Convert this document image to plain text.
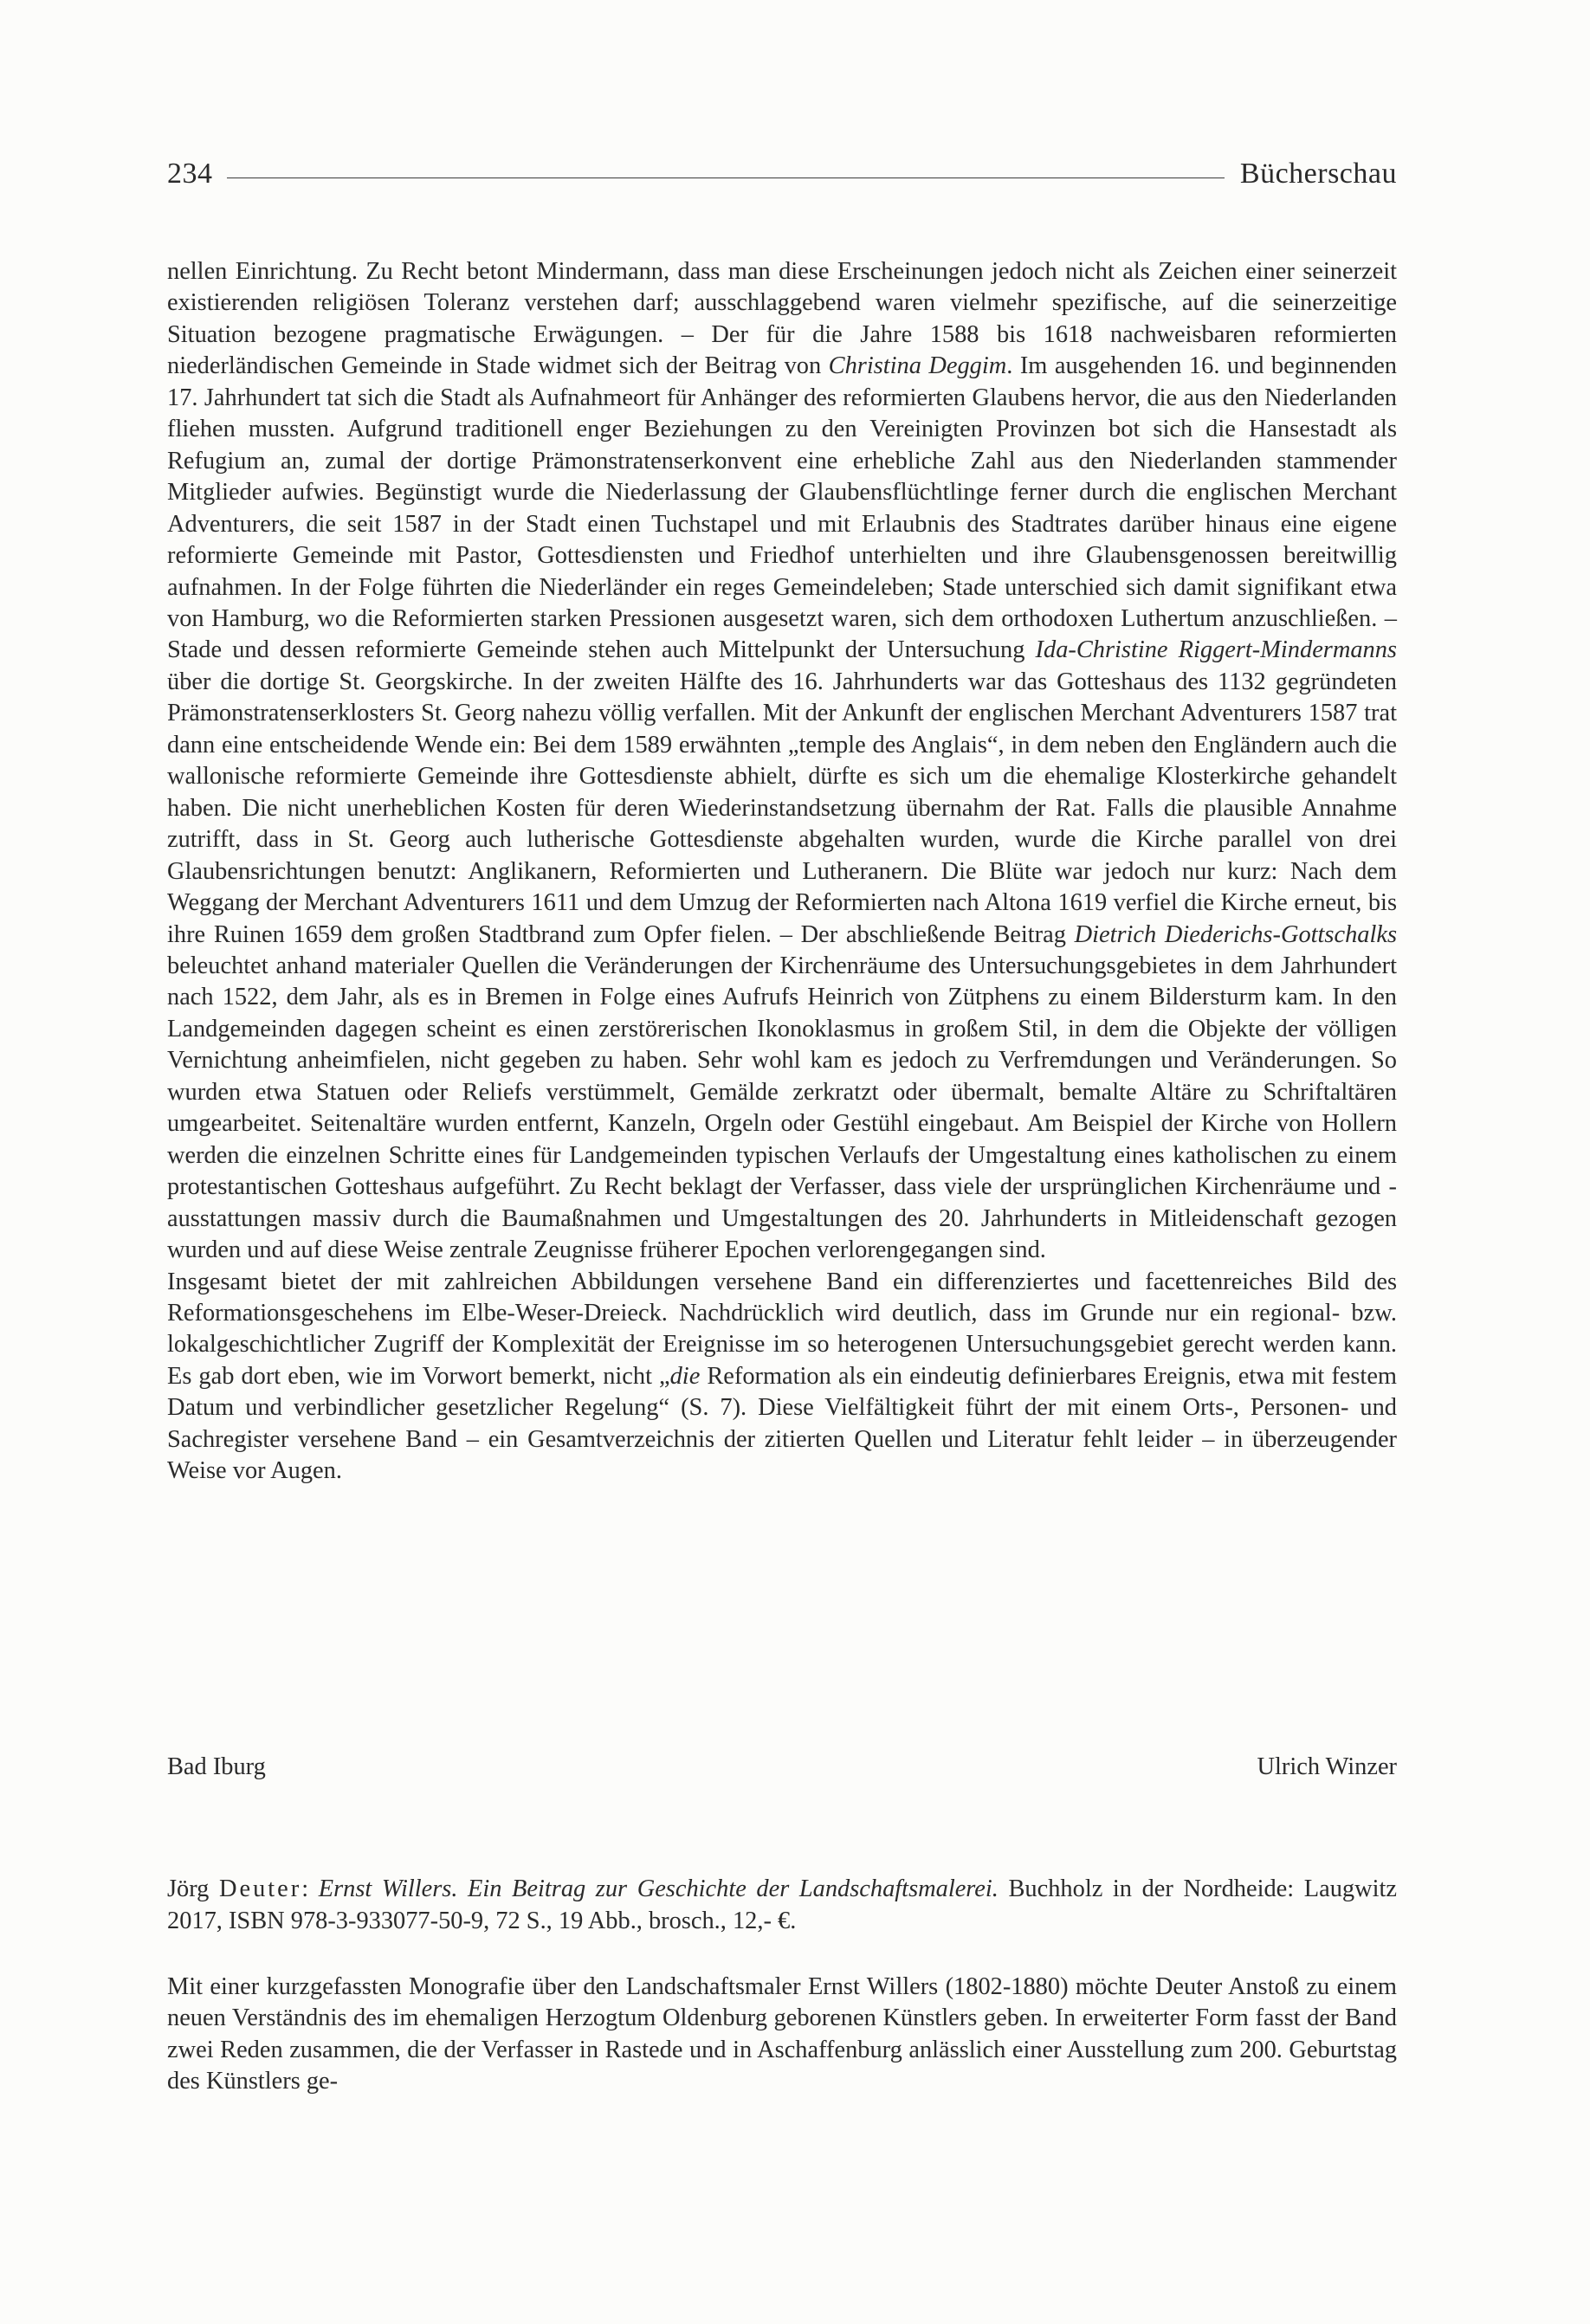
234	Bücherschau

nellen Einrichtung. Zu Recht betont Mindermann, dass man diese Erscheinungen jedoch nicht als Zeichen einer seinerzeit existierenden religiösen Toleranz verstehen darf; ausschlaggebend waren vielmehr spezifische, auf die seinerzeitige Situation bezogene pragmatische Erwägungen. – Der für die Jahre 1588 bis 1618 nachweisbaren reformierten niederländischen Gemeinde in Stade widmet sich der Beitrag von Christina Deggim. Im ausgehenden 16. und beginnenden 17. Jahrhundert tat sich die Stadt als Aufnahmeort für Anhänger des reformierten Glaubens hervor, die aus den Niederlanden fliehen mussten. Aufgrund traditionell enger Beziehungen zu den Vereinigten Provinzen bot sich die Hansestadt als Refugium an, zumal der dortige Prämonstratenserkonvent eine erhebliche Zahl aus den Niederlanden stammender Mitglieder aufwies. Begünstigt wurde die Niederlassung der Glaubensflüchtlinge ferner durch die englischen Merchant Adventurers, die seit 1587 in der Stadt einen Tuchstapel und mit Erlaubnis des Stadtrates darüber hinaus eine eigene reformierte Gemeinde mit Pastor, Gottesdiensten und Friedhof unterhielten und ihre Glaubensgenossen bereitwillig aufnahmen. In der Folge führten die Niederländer ein reges Gemeindeleben; Stade unterschied sich damit signifikant etwa von Hamburg, wo die Reformierten starken Pressionen ausgesetzt waren, sich dem orthodoxen Luthertum anzuschließen. – Stade und dessen reformierte Gemeinde stehen auch Mittelpunkt der Untersuchung Ida-Christine Riggert-Mindermanns über die dortige St. Georgskirche. In der zweiten Hälfte des 16. Jahrhunderts war das Gotteshaus des 1132 gegründeten Prämonstratenserklosters St. Georg nahezu völlig verfallen. Mit der Ankunft der englischen Merchant Adventurers 1587 trat dann eine entscheidende Wende ein: Bei dem 1589 erwähnten „temple des Anglais“, in dem neben den Engländern auch die wallonische reformierte Gemeinde ihre Gottesdienste abhielt, dürfte es sich um die ehemalige Klosterkirche gehandelt haben. Die nicht unerheblichen Kosten für deren Wiederinstandsetzung übernahm der Rat. Falls die plausible Annahme zutrifft, dass in St. Georg auch lutherische Gottesdienste abgehalten wurden, wurde die Kirche parallel von drei Glaubensrichtungen benutzt: Anglikanern, Reformierten und Lutheranern. Die Blüte war jedoch nur kurz: Nach dem Weggang der Merchant Adventurers 1611 und dem Umzug der Reformierten nach Altona 1619 verfiel die Kirche erneut, bis ihre Ruinen 1659 dem großen Stadtbrand zum Opfer fielen. – Der abschließende Beitrag Dietrich Diederichs-Gottschalks beleuchtet anhand materialer Quellen die Veränderungen der Kirchenräume des Untersuchungsgebietes in dem Jahrhundert nach 1522, dem Jahr, als es in Bremen in Folge eines Aufrufs Heinrich von Zütphens zu einem Bildersturm kam. In den Landgemeinden dagegen scheint es einen zerstörerischen Ikonoklasmus in großem Stil, in dem die Objekte der völligen Vernichtung anheimfielen, nicht gegeben zu haben. Sehr wohl kam es jedoch zu Verfremdungen und Veränderungen. So wurden etwa Statuen oder Reliefs verstümmelt, Gemälde zerkratzt oder übermalt, bemalte Altäre zu Schriftaltären umgearbeitet. Seitenaltäre wurden entfernt, Kanzeln, Orgeln oder Gestühl eingebaut. Am Beispiel der Kirche von Hollern werden die einzelnen Schritte eines für Landgemeinden typischen Verlaufs der Umgestaltung eines katholischen zu einem protestantischen Gotteshaus aufgeführt. Zu Recht beklagt der Verfasser, dass viele der ursprünglichen Kirchenräume und -ausstattungen massiv durch die Baumaßnahmen und Umgestaltungen des 20. Jahrhunderts in Mitleidenschaft gezogen wurden und auf diese Weise zentrale Zeugnisse früherer Epochen verlorengegangen sind.

Insgesamt bietet der mit zahlreichen Abbildungen versehene Band ein differenziertes und facettenreiches Bild des Reformationsgeschehens im Elbe-Weser-Dreieck. Nachdrücklich wird deutlich, dass im Grunde nur ein regional- bzw. lokalgeschichtlicher Zugriff der Komplexität der Ereignisse im so heterogenen Untersuchungsgebiet gerecht werden kann. Es gab dort eben, wie im Vorwort bemerkt, nicht „die Reformation als ein eindeutig definierbares Ereignis, etwa mit festem Datum und verbindlicher gesetzlicher Regelung“ (S. 7). Diese Vielfältigkeit führt der mit einem Orts-, Personen- und Sachregister versehene Band – ein Gesamtverzeichnis der zitierten Quellen und Literatur fehlt leider – in überzeugender Weise vor Augen.

Bad Iburg	Ulrich Winzer
Jörg Deuter: Ernst Willers. Ein Beitrag zur Geschichte der Landschaftsmalerei. Buchholz in der Nordheide: Laugwitz 2017, ISBN 978-3-933077-50-9, 72 S., 19 Abb., brosch., 12,- €.

Mit einer kurzgefassten Monografie über den Landschaftsmaler Ernst Willers (1802-1880) möchte Deuter Anstoß zu einem neuen Verständnis des im ehemaligen Herzogtum Oldenburg geborenen Künstlers geben. In erweiterter Form fasst der Band zwei Reden zusammen, die der Verfasser in Rastede und in Aschaffenburg anlässlich einer Ausstellung zum 200. Geburtstag des Künstlers ge-
